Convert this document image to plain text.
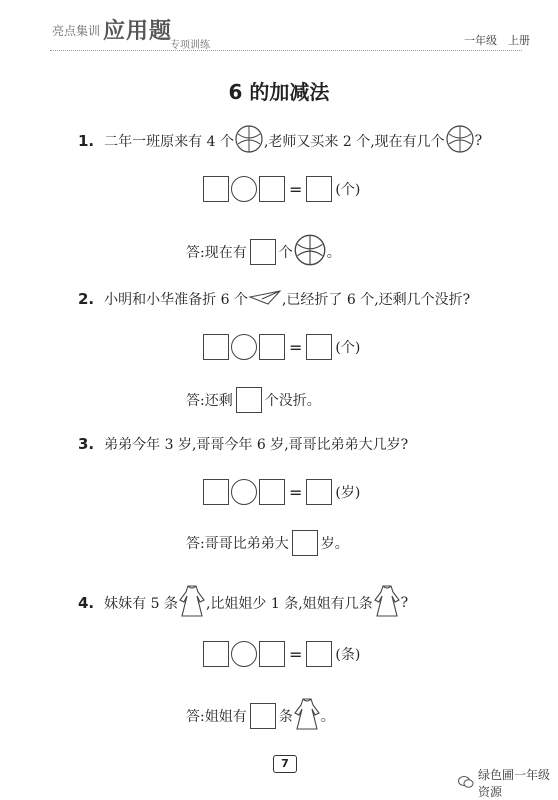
亮点集训 应用题
专项训练	一年级　上册
6 的加减法
1. 二年一班原来有 4 个 ,老师又买来 2 个,现在有几个 ?
= (个)
答:现在有 个 。
2. 小明和小华准备折 6 个 ,已经折了 6 个,还剩几个没折?
= (个)
答:还剩 个没折。
3. 弟弟今年 3 岁,哥哥今年 6 岁,哥哥比弟弟大几岁?
= (岁)
答:哥哥比弟弟大 岁。
4. 妹妹有 5 条 ,比姐姐少 1 条,姐姐有几条 ?
= (条)
答:姐姐有 条 。
7
绿色圃一年级资源
